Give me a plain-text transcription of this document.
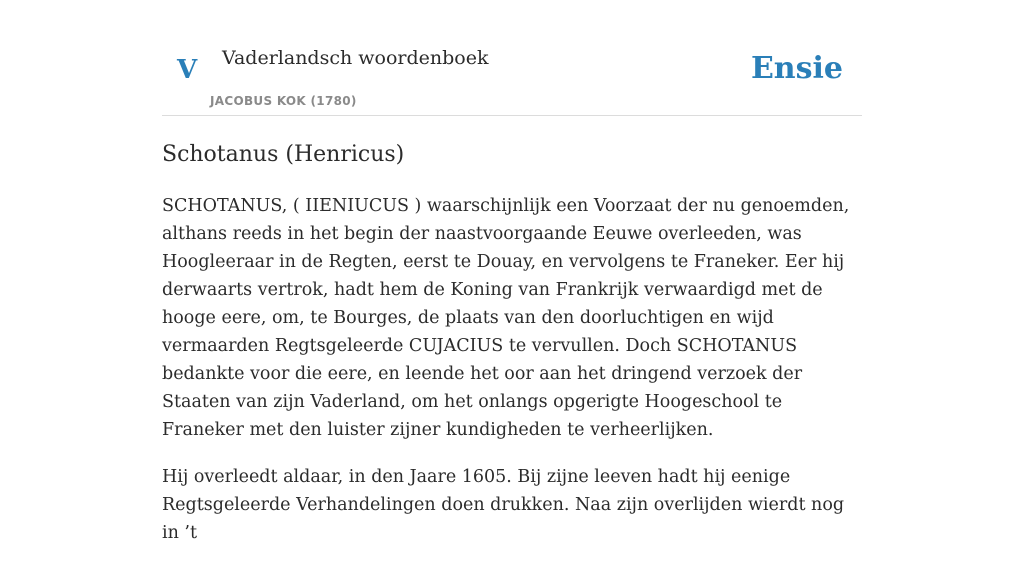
V Vaderlandsch woordenboek
JACOBUS KOK (1780)
Ensie
Schotanus (Henricus)

SCHOTANUS, ( IIENIUCUS ) waarschijnlijk een Voorzaat der nu genoemden, althans reeds in het begin der naastvoorgaande Eeuwe overleeden, was Hoogleeraar in de Regten, eerst te Douay, en vervolgens te Franeker. Eer hij derwaarts vertrok, hadt hem de Koning van Frankrijk verwaardigd met de hooge eere, om, te Bourges, de plaats van den doorluchtigen en wijd vermaarden Regtsgeleerde CUJACIUS te vervullen. Doch SCHOTANUS bedankte voor die eere, en leende het oor aan het dringend verzoek der Staaten van zijn Vaderland, om het onlangs opgerigte Hoogeschool te Franeker met den luister zijner kundigheden te verheerlijken.

Hij overleedt aldaar, in den Jaare 1605. Bij zijne leeven hadt hij eenige Regtsgeleerde Verhandelingen doen drukken. Naa zijn overlijden wierdt nog in ’t
